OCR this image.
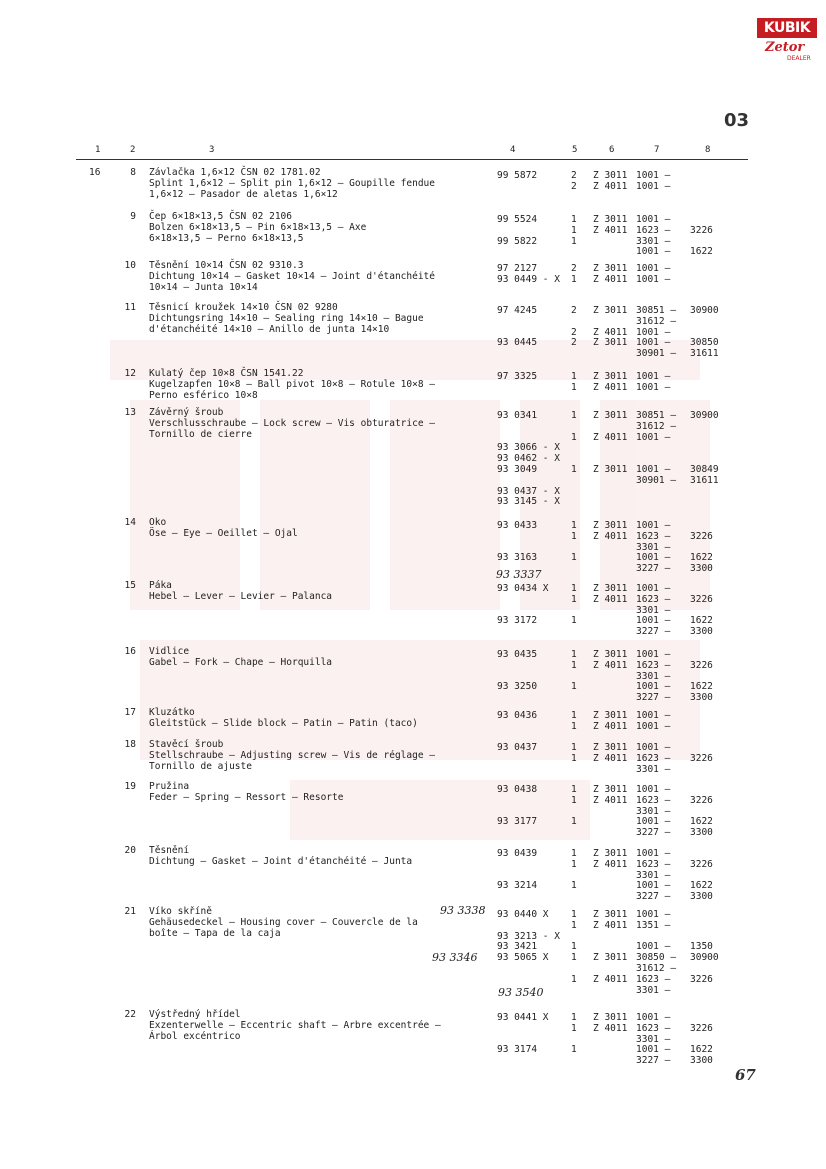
KUBIK
Zetor
DEALER
03
1	2	3	4	5	6	7	8
16	8 Závlačka 1,6×12 ČSN 02 1781.02
Splint 1,6×12 — Split pin 1,6×12 — Goupille fendue
1,6×12 — Pasador de aletas 1,6×12
99 5872	2 Z 3011 1001 —
2 Z 4011 1001 —
9 Čep 6×18×13,5 ČSN 02 2106
Bolzen 6×18×13,5 — Pin 6×18×13,5 — Axe
6×18×13,5 — Perno 6×18×13,5
99 5524	1 Z 3011 1001 —
1 Z 4011 1623 — 3226
99 5822	1	3301 —
1001 — 1622
10 Těsnění 10×14 ČSN 02 9310.3
Dichtung 10×14 — Gasket 10×14 — Joint d'étanchéité
10×14 — Junta 10×14
97 2127	2 Z 3011 1001 —
93 0449 - X 1 Z 4011 1001 —
11 Těsnicí kroužek 14×10 ČSN 02 9280
Dichtungsring 14×10 — Sealing ring 14×10 — Bague
d'étanchéité 14×10 — Anillo de junta 14×10
97 4245	2 Z 3011 30851 — 30900
31612 —
2 Z 4011 1001 —
93 0445	2 Z 3011 1001 — 30850
30901 — 31611
12 Kulatý čep 10×8 ČSN 1541.22
Kugelzapfen 10×8 — Ball pivot 10×8 — Rotule 10×8 —
Perno esférico 10×8
97 3325	1 Z 3011 1001 —
1 Z 4011 1001 —
13 Závěrný šroub
Verschlusschraube — Lock screw — Vis obturatrice —
Tornillo de cierre
93 0341	1 Z 3011 30851 — 30900
31612 —
1 Z 4011 1001 —
93 3066 - X
93 0462 - X
93 3049	1 Z 3011 1001 — 30849
30901 — 31611
93 0437 - X
93 3145 - X
14 Oko
Öse — Eye — Oeillet — Ojal
93 0433	1 Z 3011 1001 —
1 Z 4011 1623 — 3226
3301 —
93 3163	1	1001 — 1622
3227 — 3300
15 Páka
Hebel — Lever — Levier — Palanca
93 0434 X 1 Z 3011 1001 —
1 Z 4011 1623 — 3226
3301 —
93 3172	1	1001 — 1622
3227 — 3300
16 Vidlice
Gabel — Fork — Chape — Horquilla
93 0435	1 Z 3011 1001 —
1 Z 4011 1623 — 3226
3301 —
93 3250	1	1001 — 1622
3227 — 3300
17 Kluzátko
Gleitstück — Slide block — Patin — Patin (taco)
93 0436	1 Z 3011 1001 —
1 Z 4011 1001 —
18 Stavěcí šroub
Stellschraube — Adjusting screw — Vis de réglage —
Tornillo de ajuste
93 0437	1 Z 3011 1001 —
1 Z 4011 1623 — 3226
3301 —
19 Pružina
Feder — Spring — Ressort — Resorte
93 0438	1 Z 3011 1001 —
1 Z 4011 1623 — 3226
3301 —
93 3177	1	1001 — 1622
3227 — 3300
20 Těsnění
Dichtung — Gasket — Joint d'étanchéité — Junta
93 0439	1 Z 3011 1001 —
1 Z 4011 1623 — 3226
3301 —
93 3214	1	1001 — 1622
3227 — 3300
21 Víko skříně
Gehäusedeckel — Housing cover — Couvercle de la
boîte — Tapa de la caja
93 0440 X 1 Z 3011 1001 —
1 Z 4011 1351 —
93 3213 - X
93 3421	1	1001 — 1350
93 5065 X 1 Z 3011 30850 — 30900
31612 —
1 Z 4011 1623 — 3226
3301 —
22 Výstředný hřídel
Exzenterwelle — Eccentric shaft — Arbre excentrée —
Árbol excéntrico
93 0441 X 1 Z 3011 1001 —
1 Z 4011 1623 — 3226
3301 —
93 3174	1	1001 — 1622
3227 — 3300
93 3337
93 3338
93 3346
93 3540
67
